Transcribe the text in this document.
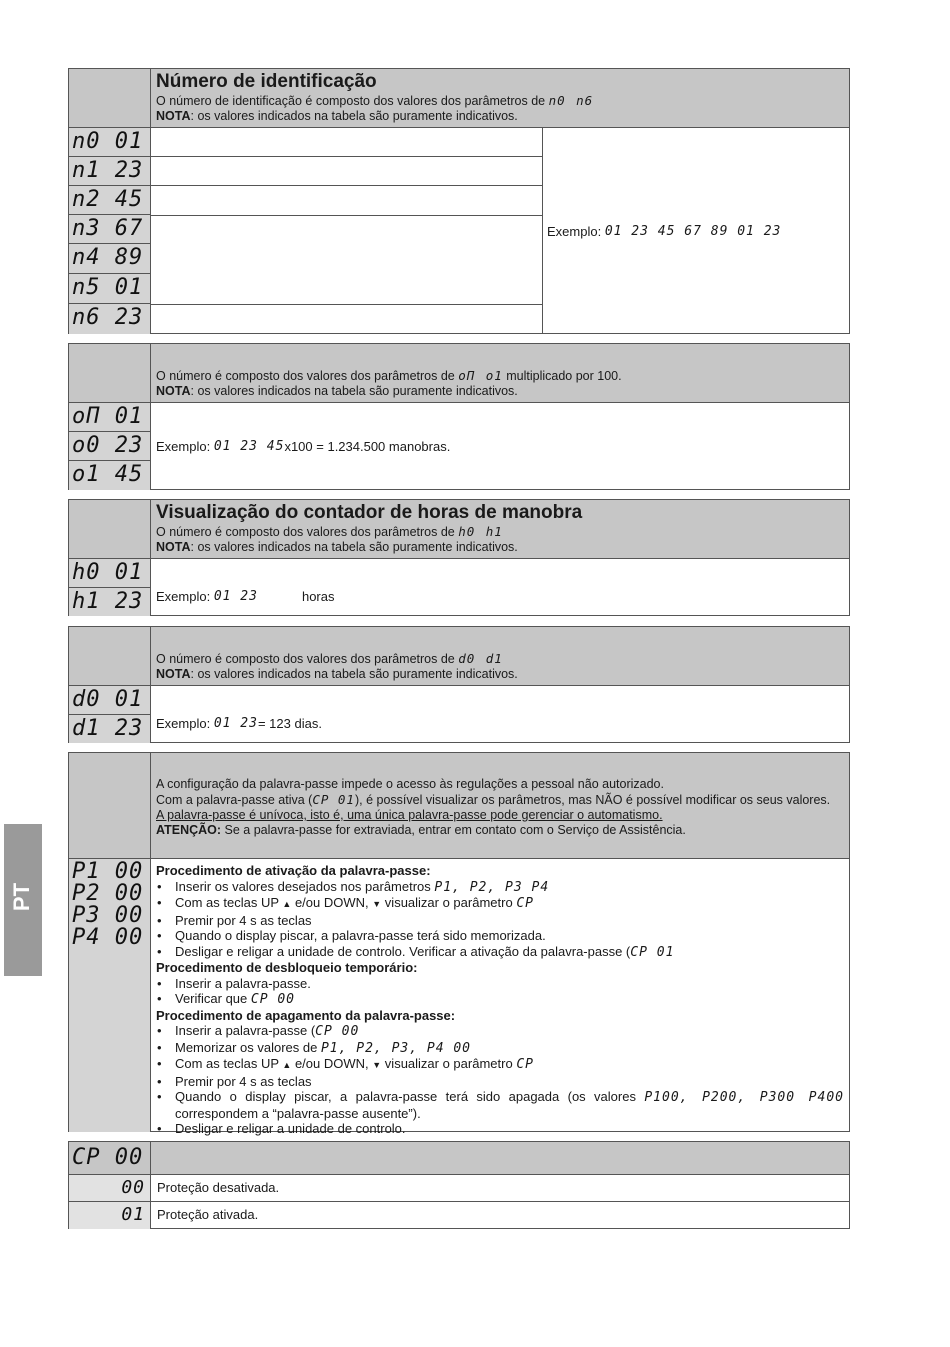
PT
Número de identificação
O número de identificação é composto dos valores dos parâmetros de n0 n6
NOTA: os valores indicados na tabela são puramente indicativos.
n0 01
n1 23
n2 45
n3 67
n4 89
n5 01
n6 23
Exemplo:
01 23 45 67 89 01 23
O número é composto dos valores dos parâmetros de oΠ o1 multiplicado por 100.
NOTA: os valores indicados na tabela são puramente indicativos.
oΠ 01
o0 23
o1 45
Exemplo:
01 23 45 x100 = 1.234.500 manobras.
Visualização do contador de horas de manobra
O número é composto dos valores dos parâmetros de h0 h1
NOTA: os valores indicados na tabela são puramente indicativos.
h0 01
h1 23 Exemplo:
01 23	horas
O número é composto dos valores dos parâmetros de d0 d1
NOTA: os valores indicados na tabela são puramente indicativos.
d0 01
d1 23 Exemplo:
01 23 = 123 dias.
A configuração da palavra-passe impede o acesso às regulações a pessoal não autorizado.
Com a palavra-passe ativa (CP 01), é possível visualizar os parâmetros, mas NÃO é possível modificar os seus valores.
A palavra-passe é unívoca, isto é, uma única palavra-passe pode gerenciar o automatismo.
ATENÇÃO: Se a palavra-passe for extraviada, entrar em contato com o Serviço de Assistência.
P1 00
P2 00
P3 00
P4 00
Procedimento de ativação da palavra-passe:
• Inserir os valores desejados nos parâmetros P1, P2, P3 P4
• Com as teclas UP ▲ e/ou DOWN, ▼ visualizar o parâmetro CP
• Premir por 4 s as teclas
• Quando o display piscar, a palavra-passe terá sido memorizada.
• Desligar e religar a unidade de controlo. Verificar a ativação da palavra-passe (CP 01
Procedimento de desbloqueio temporário:
• Inserir a palavra-passe.
• Verificar que CP 00
Procedimento de apagamento da palavra-passe:
• Inserir a palavra-passe (CP 00
• Memorizar os valores de P1, P2, P3, P4 00
• Com as teclas UP ▲ e/ou DOWN, ▼ visualizar o parâmetro CP
• Premir por 4 s as teclas
• Quando o display piscar, a palavra-passe terá sido apagada (os valores P100, P200, P300 P400 correspondem a “palavra-passe ausente”).
• Desligar e religar a unidade de controlo.
CP 00
00 Proteção desativada.
01 Proteção ativada.
